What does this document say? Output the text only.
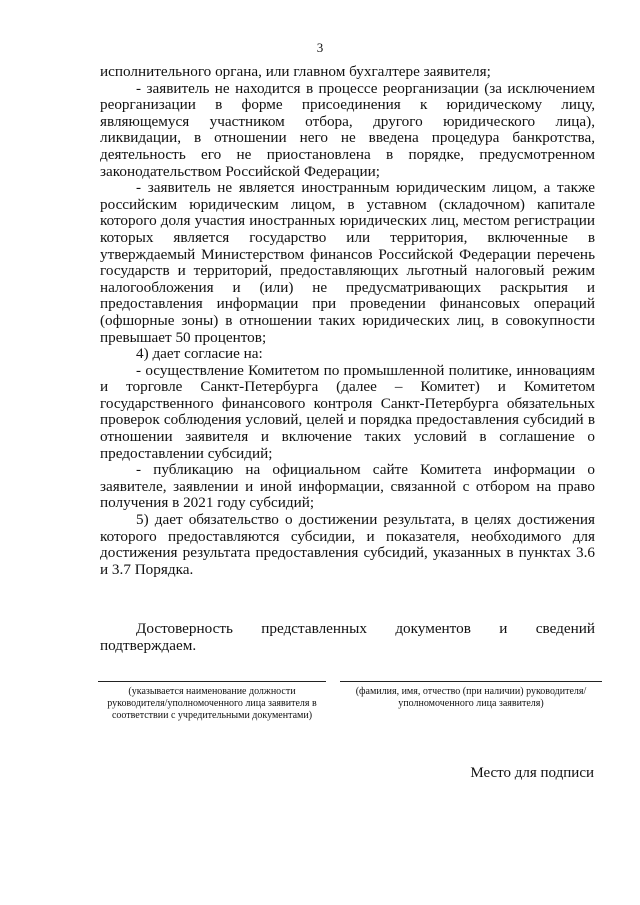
3

исполнительного органа, или главном бухгалтере заявителя;

- заявитель не находится в процессе реорганизации (за исключением реорганизации в форме присоединения к юридическому лицу, являющемуся участником отбора, другого юридического лица), ликвидации, в отношении него не введена процедура банкротства, деятельность его не приостановлена в порядке, предусмотренном законодательством Российской Федерации;

- заявитель не является иностранным юридическим лицом, а также российским юридическим лицом, в уставном (складочном) капитале которого доля участия иностранных юридических лиц, местом регистрации которых является государство или территория, включенные в утверждаемый Министерством финансов Российской Федерации перечень государств и территорий, предоставляющих льготный налоговый режим налогообложения и (или) не предусматривающих раскрытия и предоставления информации при проведении финансовых операций (офшорные зоны) в отношении таких юридических лиц, в совокупности превышает 50 процентов;

4) дает согласие на:

- осуществление Комитетом по промышленной политике, инновациям и торговле Санкт-Петербурга (далее – Комитет) и Комитетом государственного финансового контроля Санкт-Петербурга обязательных проверок соблюдения условий, целей и порядка предоставления субсидий в отношении заявителя и включение таких условий в соглашение о предоставлении субсидий;

- публикацию на официальном сайте Комитета информации о заявителе, заявлении и иной информации, связанной с отбором на право получения в 2021 году субсидий;

5) дает обязательство о достижении результата, в целях достижения которого предоставляются субсидии, и показателя, необходимого для достижения результата предоставления субсидий, указанных в пунктах 3.6 и 3.7 Порядка.

Достоверность представленных документов и сведений подтверждаем.

(указывается наименование должности руководителя/уполномоченного лица заявителя в соответствии с учредительными документами)
(фамилия, имя, отчество (при наличии) руководителя/ уполномоченного лица заявителя)
Место для подписи
